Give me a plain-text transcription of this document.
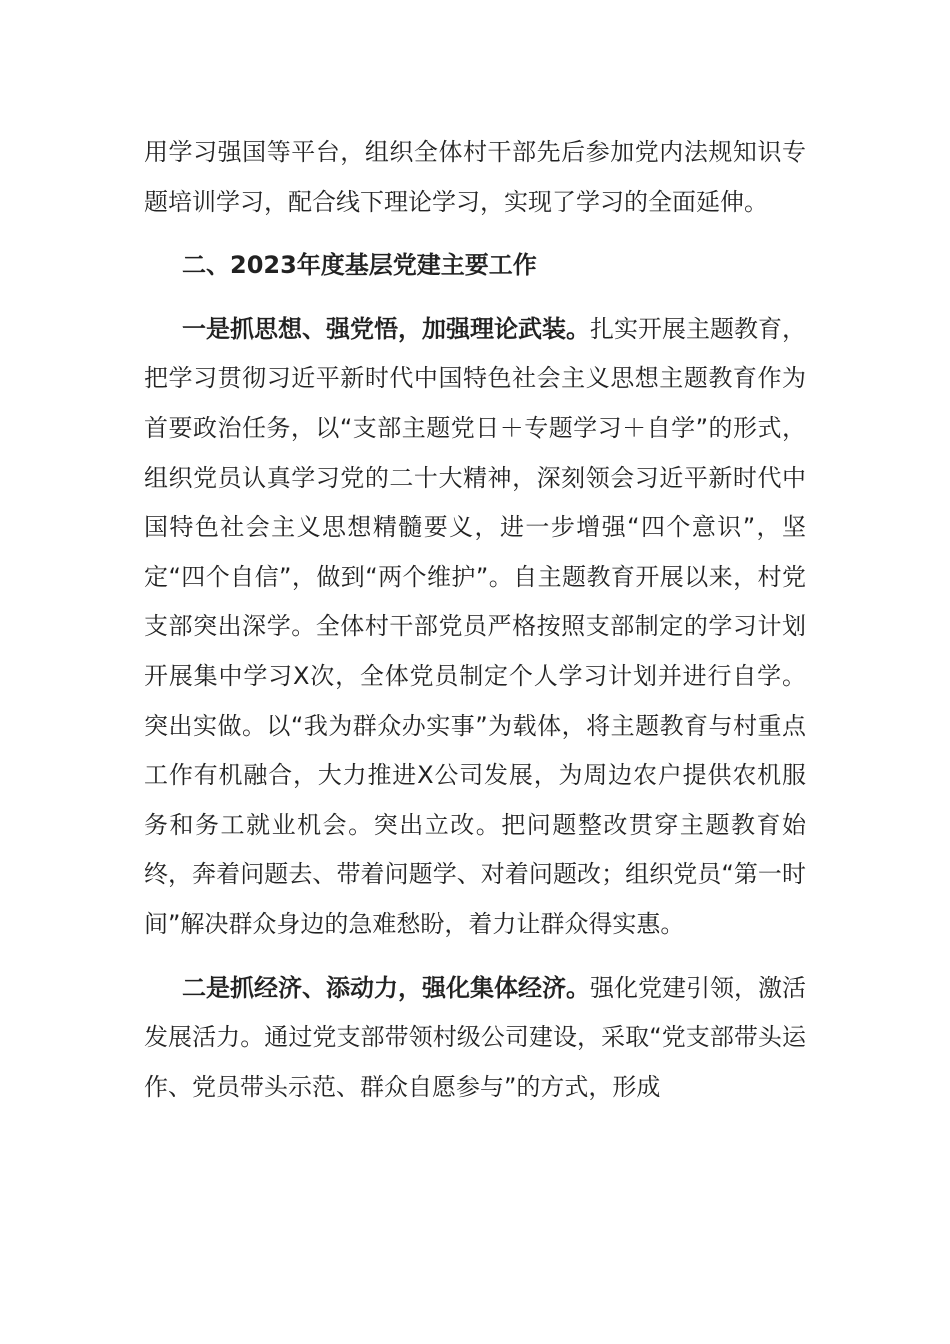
用学习强国等平台，组织全体村干部先后参加党内法规知识专题培训学习，配合线下理论学习，实现了学习的全面延伸。

二、2023年度基层党建主要工作

一是抓思想、强党悟，加强理论武装。扎实开展主题教育，把学习贯彻习近平新时代中国特色社会主义思想主题教育作为首要政治任务，以“支部主题党日＋专题学习＋自学”的形式，组织党员认真学习党的二十大精神，深刻领会习近平新时代中国特色社会主义思想精髓要义，进一步增强“四个意识”，坚定“四个自信”，做到“两个维护”。自主题教育开展以来，村党支部突出深学。全体村干部党员严格按照支部制定的学习计划开展集中学习X次，全体党员制定个人学习计划并进行自学。突出实做。以“我为群众办实事”为载体，将主题教育与村重点工作有机融合，大力推进X公司发展，为周边农户提供农机服务和务工就业机会。突出立改。把问题整改贯穿主题教育始终，奔着问题去、带着问题学、对着问题改；组织党员“第一时间”解决群众身边的急难愁盼，着力让群众得实惠。

二是抓经济、添动力，强化集体经济。强化党建引领，激活发展活力。通过党支部带领村级公司建设，采取“党支部带头运作、党员带头示范、群众自愿参与”的方式，形成
